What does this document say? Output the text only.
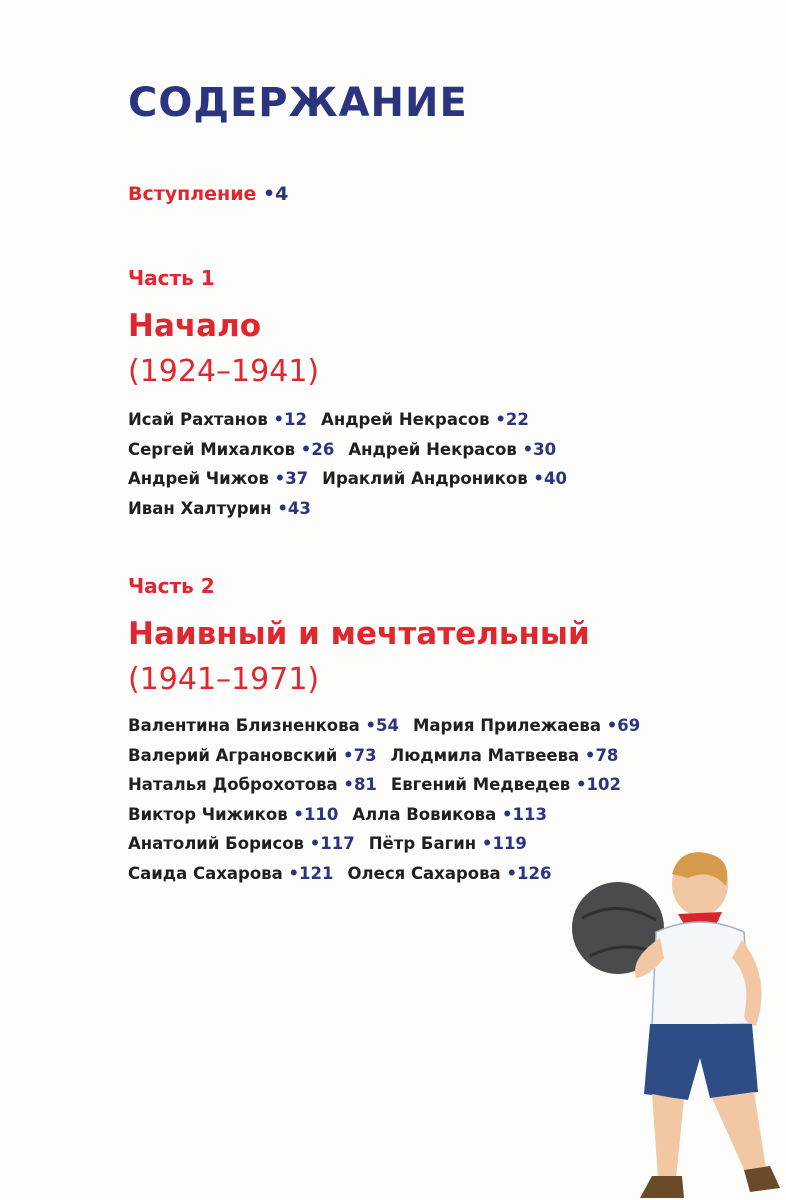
СОДЕРЖАНИЕ
Вступление •4
Часть 1
Начало
(1924–1941)
Исай Рахтанов •12 Андрей Некрасов •22
Сергей Михалков •26 Андрей Некрасов •30
Андрей Чижов •37 Ираклий Андроников •40
Иван Халтурин •43
Часть 2
Наивный и мечтательный
(1941–1971)
Валентина Близненкова •54 Мария Прилежаева •69
Валерий Аграновский •73 Людмила Матвеева •78
Наталья Доброхотова •81 Евгений Медведев •102
Виктор Чижиков •110 Алла Вовикова •113
Анатолий Борисов •117 Пётр Багин •119
Саида Сахарова •121 Олеся Сахарова •126
